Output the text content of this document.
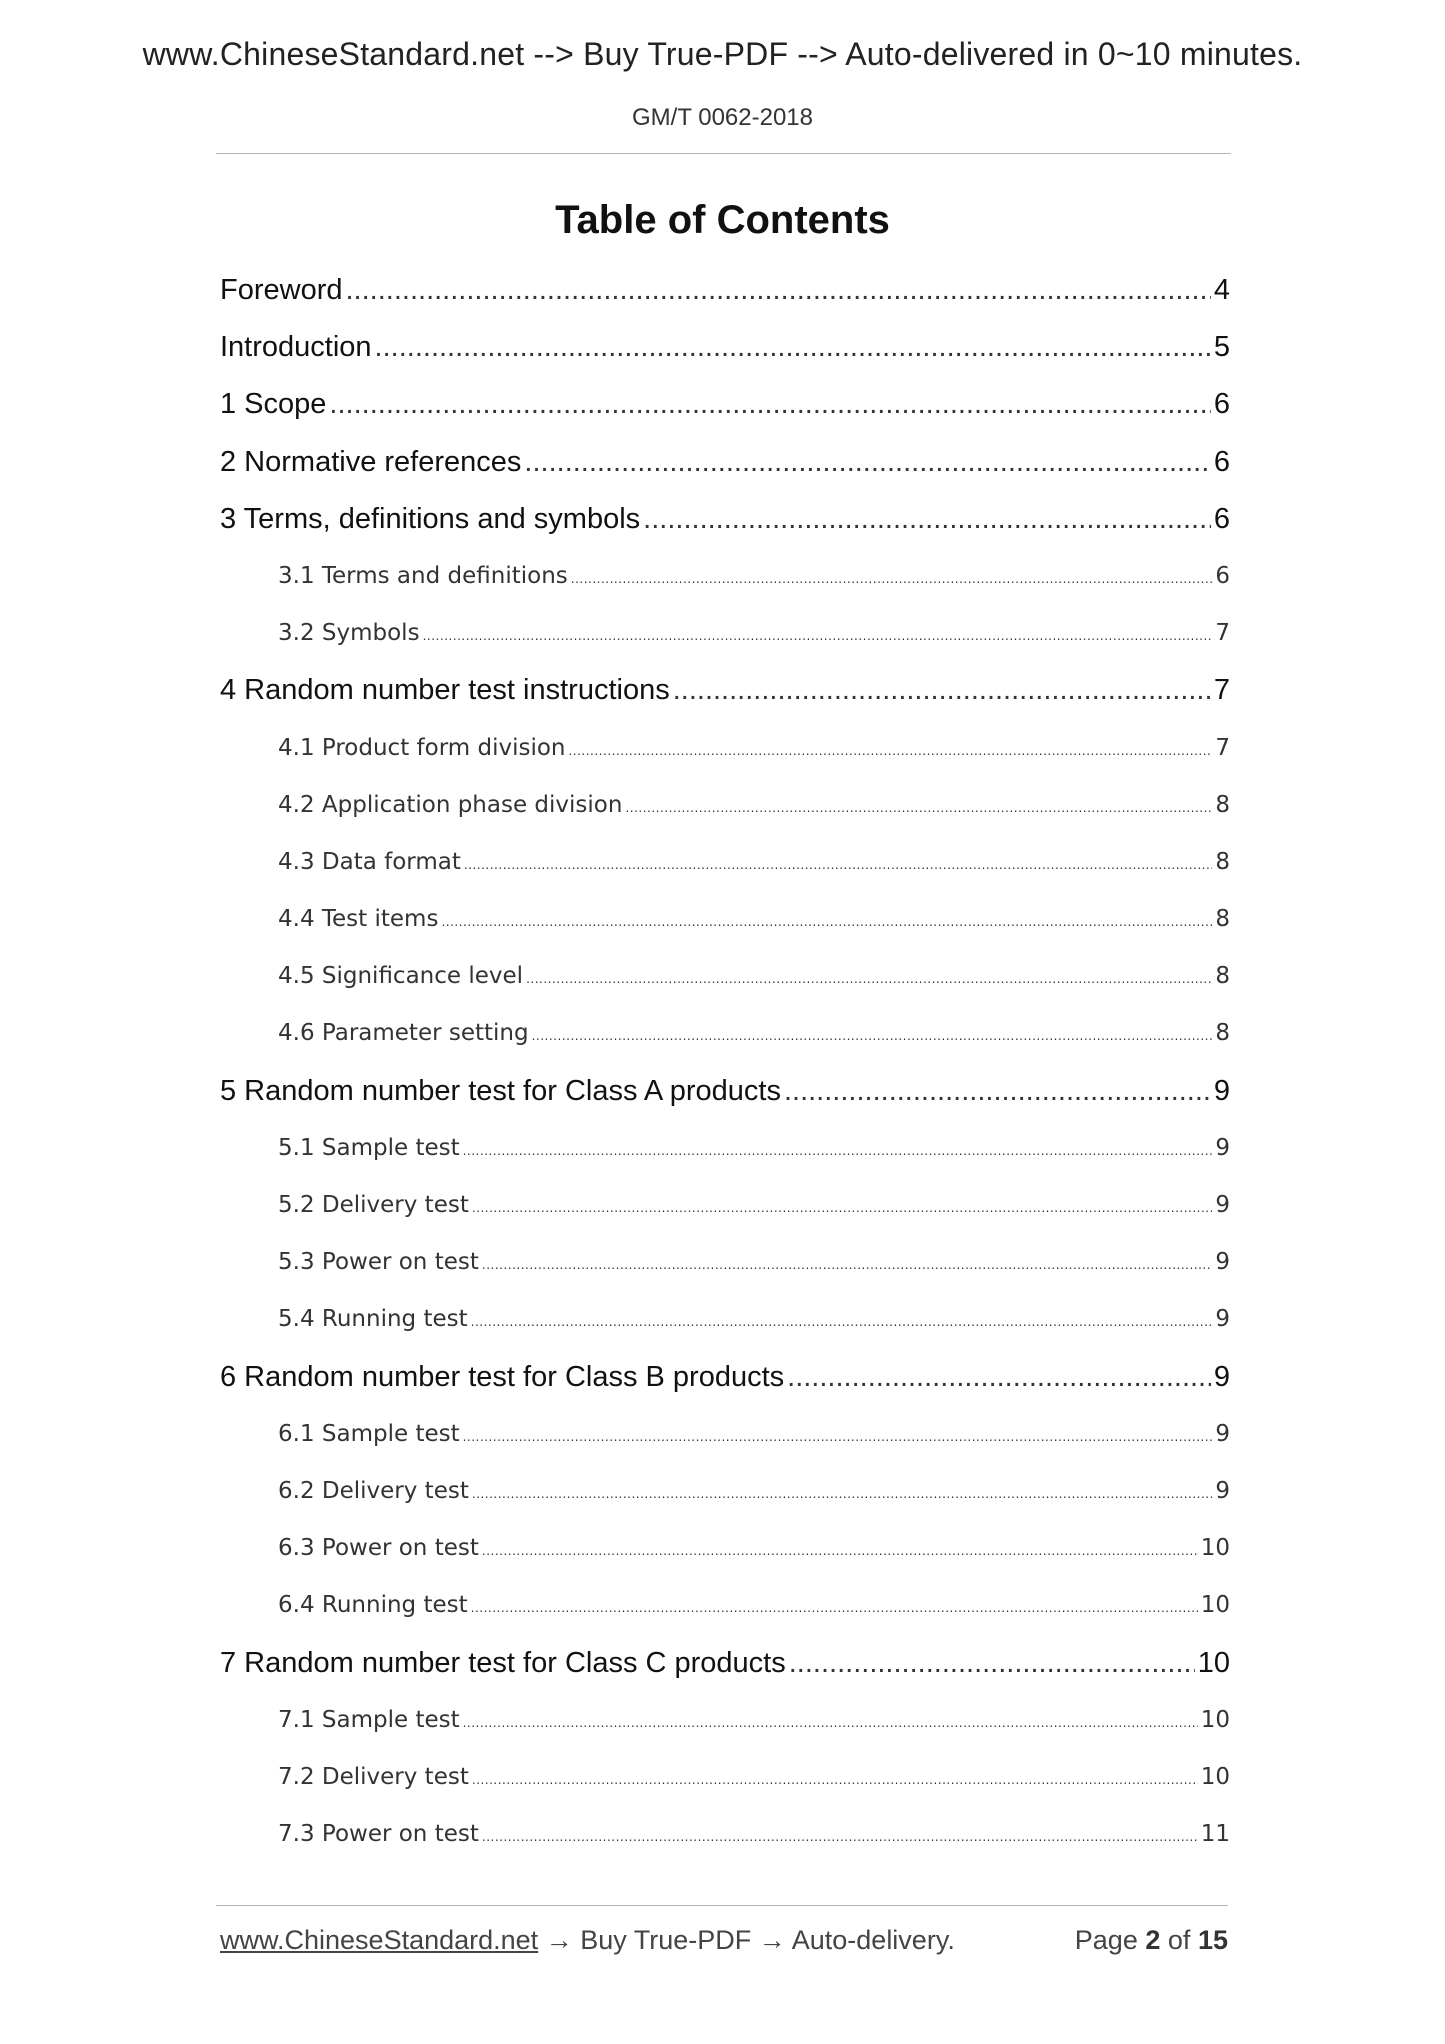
www.ChineseStandard.net --> Buy True-PDF --> Auto-delivered in 0~10 minutes.
GM/T 0062-2018
Table of Contents
Foreword .....	4
Introduction .....	5
1 Scope .....	6
2 Normative references .....	6
3 Terms, definitions and symbols .....	6
3.1 Terms and definitions .....	6
3.2 Symbols .....	7
4 Random number test instructions .....	7
4.1 Product form division .....	7
4.2 Application phase division .....	8
4.3 Data format .....	8
4.4 Test items .....	8
4.5 Significance level .....	8
4.6 Parameter setting .....	8
5 Random number test for Class A products .....	9
5.1 Sample test .....	9
5.2 Delivery test .....	9
5.3 Power on test .....	9
5.4 Running test .....	9
6 Random number test for Class B products .....	9
6.1 Sample test .....	9
6.2 Delivery test .....	9
6.3 Power on test .....	10
6.4 Running test .....	10
7 Random number test for Class C products .....	10
7.1 Sample test .....	10
7.2 Delivery test .....	10
7.3 Power on test .....	11
www.ChineseStandard.net → Buy True-PDF → Auto-delivery.	Page 2 of 15
